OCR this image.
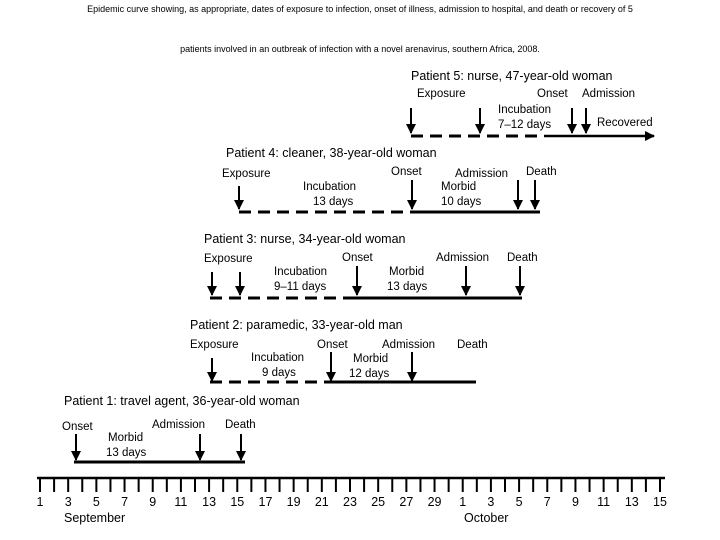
Epidemic curve showing, as appropriate, dates of exposure to infection, onset of illness, admission to hospital, and death or recovery of 5
patients involved in an outbreak of infection with a novel arenavirus, southern Africa, 2008.
Patient 5: nurse, 47-year-old woman
Exposure	Onset Admission
Incubation
7–12 days	Recovered
Patient 4: cleaner, 38-year-old woman
Exposure
Incubation
13 days
Onset	Admission
Morbid
10 days
Death
Patient 3: nurse, 34-year-old woman
Exposure
Incubation
9–11 days
Onset
Morbid
13 days
Admission Death
Patient 2: paramedic, 33-year-old man
Exposure
Incubation
9 days
Onset
Morbid
12 days
Admission Death
Patient 1: travel agent, 36-year-old woman
Onset
Morbid
13 days
Admission Death
1 3 5 7 9 11 13 15 17 19 21 23 25 27 29 1 3 5 7 9 11 13 15
September	October
